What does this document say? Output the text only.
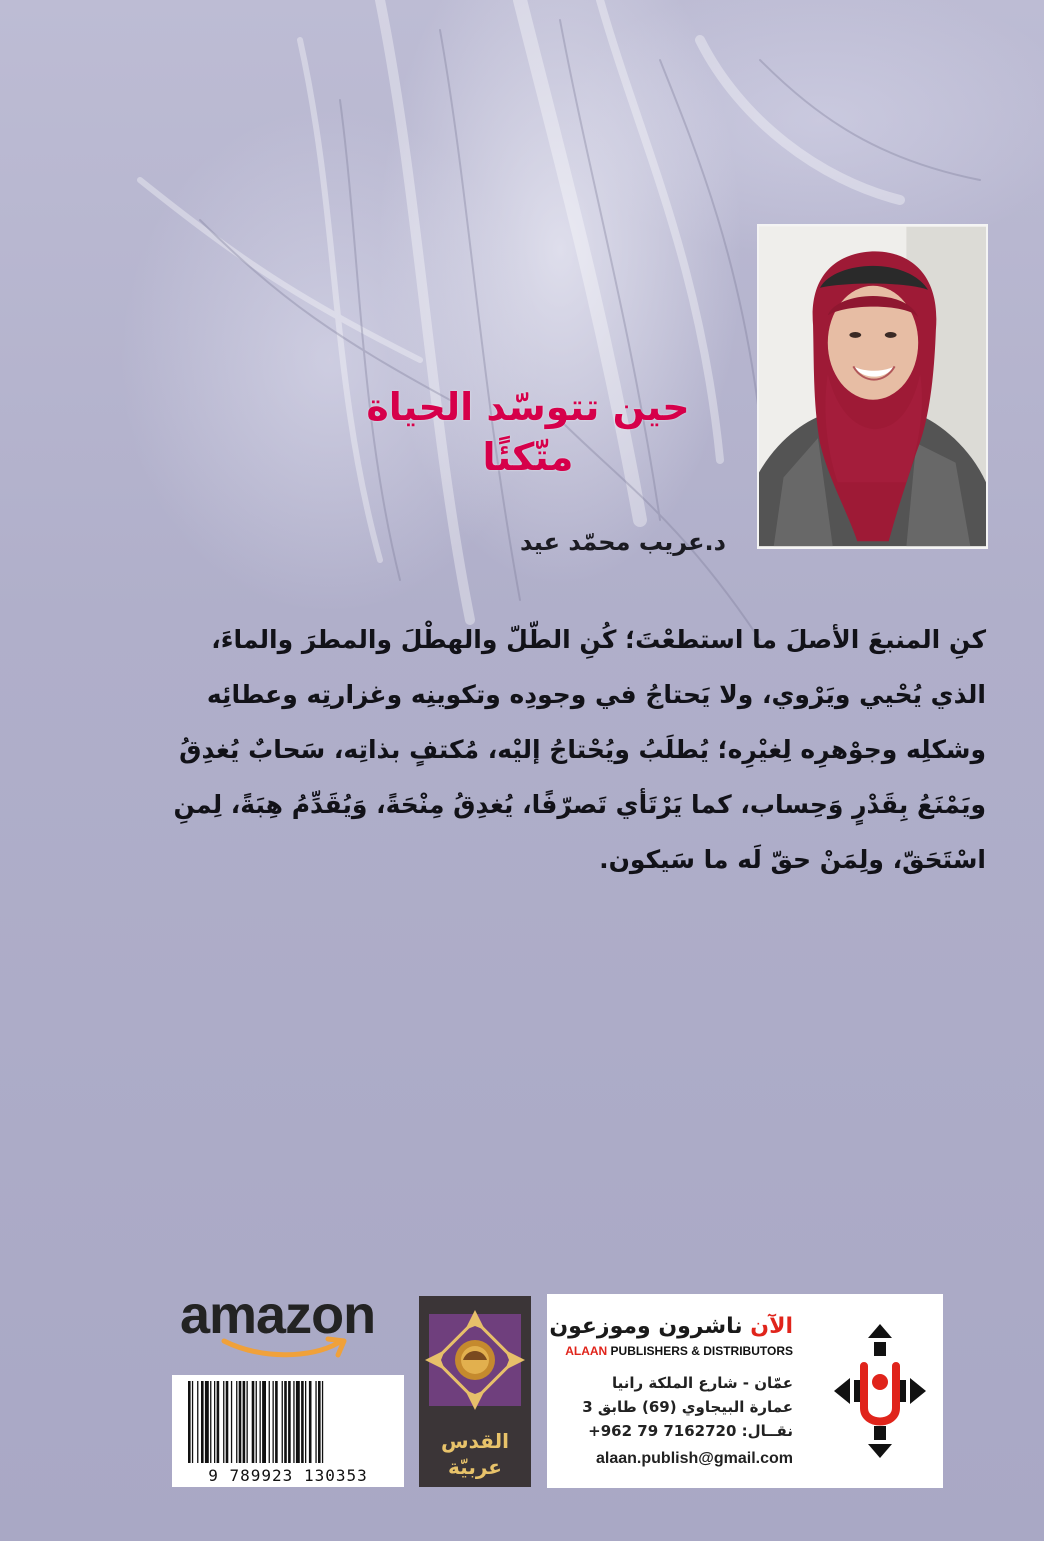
حين تتوسّد الحياة
متّكئًا
د.عريب محمّد عيد
كنِ المنبعَ الأصلَ ما استطعْتَ؛ كُنِ الطّلّ والهطْلَ والمطرَ والماءَ،
الذي يُحْيي ويَرْوي، ولا يَحتاجُ في وجودِه وتكوينِه وغزارتِه وعطائِه
وشكلِه وجوْهرِه لِغيْرِه؛ يُطلَبُ ويُحْتاجُ إليْه، مُكتفٍ بذاتِه، سَحابٌ يُغدِقُ
ويَمْنَعُ بِقَدْرٍ وَحِساب، كما يَرْتَأي تَصرّفًا، يُغدِقُ مِنْحَةً، وَيُقَدِّمُ هِبَةً، لِمنِ
اسْتَحَقّ، ولِمَنْ حقّ لَه ما سَيكون.
amazon
9 789923 130353
القدس
عربيّة
الآن ناشرون وموزعون
ALAAN PUBLISHERS & DISTRIBUTORS
عمّان - شارع الملكة رانيا
عمارة البيجاوي (69) طابق 3
نقــال: 7162720 79 962+
alaan.publish@gmail.com
